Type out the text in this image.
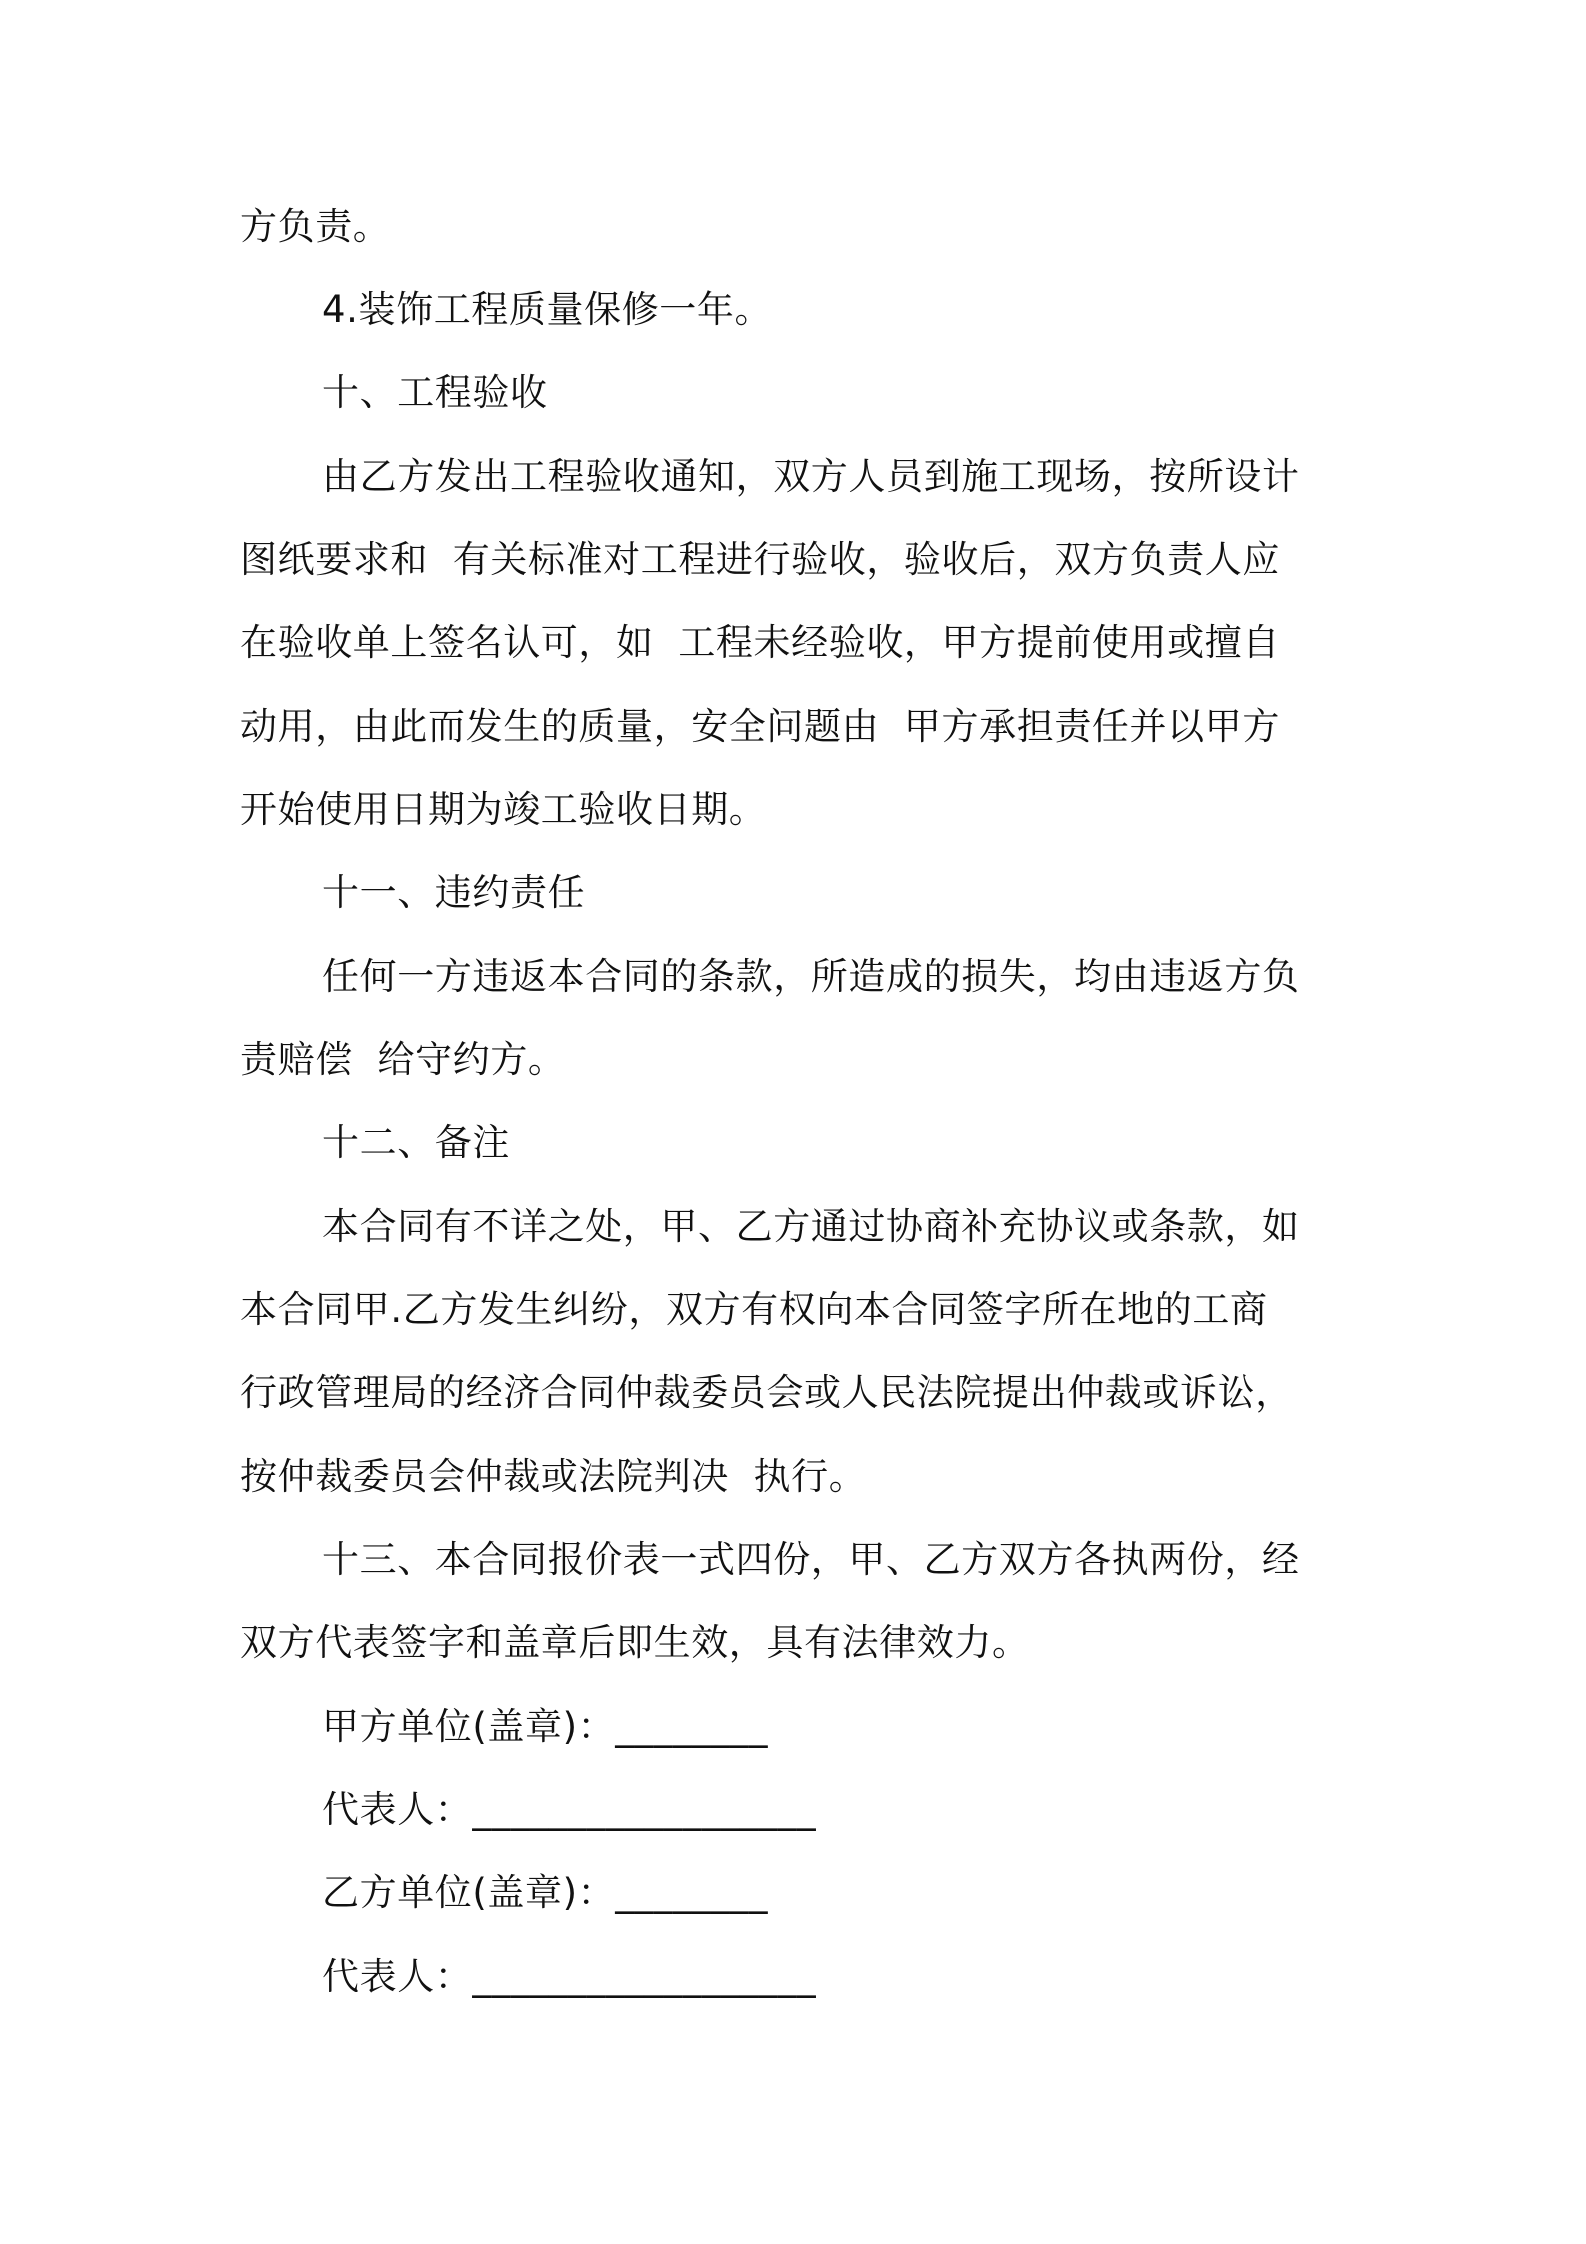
方负责。

4.装饰工程质量保修一年。

十、工程验收

由乙方发出工程验收通知，双方人员到施工现场，按所设计

图纸要求和  有关标准对工程进行验收，验收后，双方负责人应

在验收单上签名认可，如  工程未经验收，甲方提前使用或擅自

动用，由此而发生的质量，安全问题由  甲方承担责任并以甲方

开始使用日期为竣工验收日期。

十一、违约责任

任何一方违返本合同的条款，所造成的损失，均由违返方负

责赔偿  给守约方。

十二、备注

本合同有不详之处，甲、乙方通过协商补充协议或条款，如

本合同甲.乙方发生纠纷，双方有权向本合同签字所在地的工商

行政管理局的经济合同仲裁委员会或人民法院提出仲裁或诉讼，

按仲裁委员会仲裁或法院判决  执行。

十三、本合同报价表一式四份，甲、乙方双方各执两份，经

双方代表签字和盖章后即生效，具有法律效力。

甲方单位(盖章)：________

代表人：__________________

乙方单位(盖章)：________

代表人：__________________
